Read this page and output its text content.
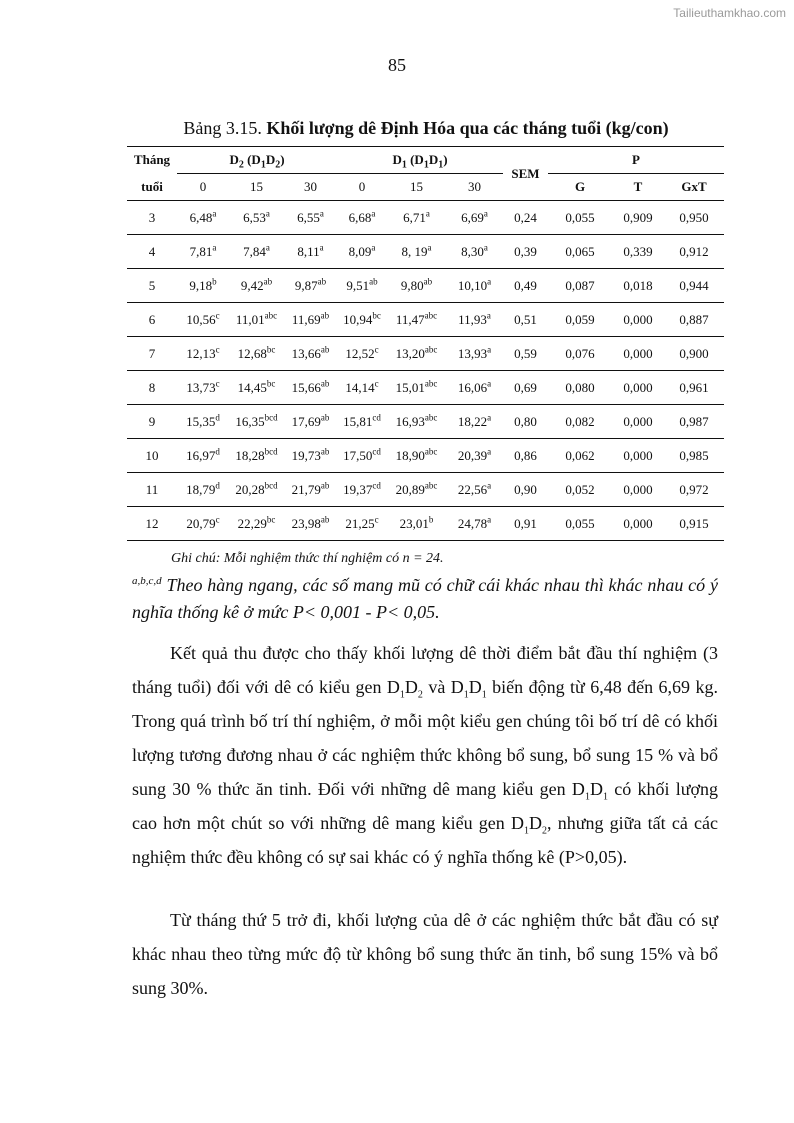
Tailieuthamkhao.com
85
Bảng 3.15. Khối lượng dê Định Hóa qua các tháng tuổi (kg/con)
Tháng	$D_2$ $(D_1D_2)$			$D_1$ $(D_1D_1)$			SEM	P		
tuổi	0	15	30	0	15	30		G	T	GxT
3	6,48$^a$	6,53$^a$	6,55$^a$	6,68$^a$	6,71$^a$	6,69$^a$	0,24	0,055	0,909	0,950
4	7,81$^a$	7,84$^a$	8,11$^a$	8,09$^a$	8, 19$^a$	8,30$^a$	0,39	0,065	0,339	0,912
5	9,18$^b$	9,42$^{ab}$	9,87$^{ab}$	9,51$^{ab}$	9,80$^{ab}$	10,10$^a$	0,49	0,087	0,018	0,944
6	10,56$^c$	11,01$^{abc}$	11,69$^{ab}$	10,94$^{bc}$	11,47$^{abc}$	11,93$^a$	0,51	0,059	0,000	0,887
7	12,13$^c$	12,68$^{bc}$	13,66$^{ab}$	12,52$^c$	13,20$^{abc}$	13,93$^a$	0,59	0,076	0,000	0,900
8	13,73$^c$	14,45$^{bc}$	15,66$^{ab}$	14,14$^c$	15,01$^{abc}$	16,06$^a$	0,69	0,080	0,000	0,961
9	15,35$^d$	16,35$^{bcd}$	17,69$^{ab}$	15,81$^{cd}$	16,93$^{abc}$	18,22$^a$	0,80	0,082	0,000	0,987
10	16,97$^d$	18,28$^{bcd}$	19,73$^{ab}$	17,50$^{cd}$	18,90$^{abc}$	20,39$^a$	0,86	0,062	0,000	0,985
11	18,79$^d$	20,28$^{bcd}$	21,79$^{ab}$	19,37$^{cd}$	20,89$^{abc}$	22,56$^a$	0,90	0,052	0,000	0,972
12	20,79$^c$	22,29$^{bc}$	23,98$^{ab}$	21,25$^c$	23,01$^b$	24,78$^a$	0,91	0,055	0,000	0,915
Ghi chú: Mỗi nghiệm thức thí nghiệm có n = 24.
$^{a,b,c,d}$ Theo hàng ngang, các số mang mũ có chữ cái khác nhau thì khác nhau có ý nghĩa thống kê ở mức P< 0,001 - P< 0,05.
Kết quả thu được cho thấy khối lượng dê thời điểm bắt đầu thí nghiệm (3 tháng tuổi) đối với dê có kiểu gen $D_1D_2$ và $D_1D_1$ biến động từ 6,48 đến 6,69 kg. Trong quá trình bố trí thí nghiệm, ở mỗi một kiểu gen chúng tôi bố trí dê có khối lượng tương đương nhau ở các nghiệm thức không bổ sung, bổ sung 15 % và bổ sung 30 % thức ăn tinh. Đối với những dê mang kiểu gen $D_1D_1$ có khối lượng cao hơn một chút so với những dê mang kiểu gen $D_1D_2$, nhưng giữa tất cả các nghiệm thức đều không có sự sai khác có ý nghĩa thống kê (P>0,05).
Từ tháng thứ 5 trở đi, khối lượng của dê ở các nghiệm thức bắt đầu có sự khác nhau theo từng mức độ từ không bổ sung thức ăn tinh, bổ sung 15% và bổ sung 30%.
